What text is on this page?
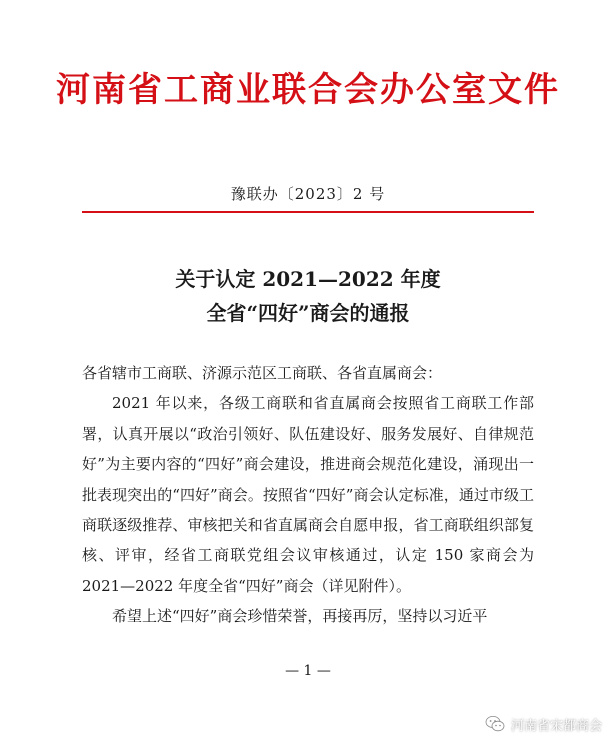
河南省工商业联合会办公室文件
豫联办〔2023〕2 号
关于认定 2021—2022 年度
全省“四好”商会的通报

各省辖市工商联、济源示范区工商联、各省直属商会：

2021 年以来，各级工商联和省直属商会按照省工商联工作部署，认真开展以“政治引领好、队伍建设好、服务发展好、自律规范好”为主要内容的“四好”商会建设，推进商会规范化建设，涌现出一批表现突出的“四好”商会。按照省“四好”商会认定标准，通过市级工商联逐级推荐、审核把关和省直属商会自愿申报，省工商联组织部复核、评审，经省工商联党组会议审核通过，认定 150 家商会为 2021—2022 年度全省“四好”商会（详见附件）。

希望上述“四好”商会珍惜荣誉，再接再厉，坚持以习近平

— 1 —
河南省宋都商会
